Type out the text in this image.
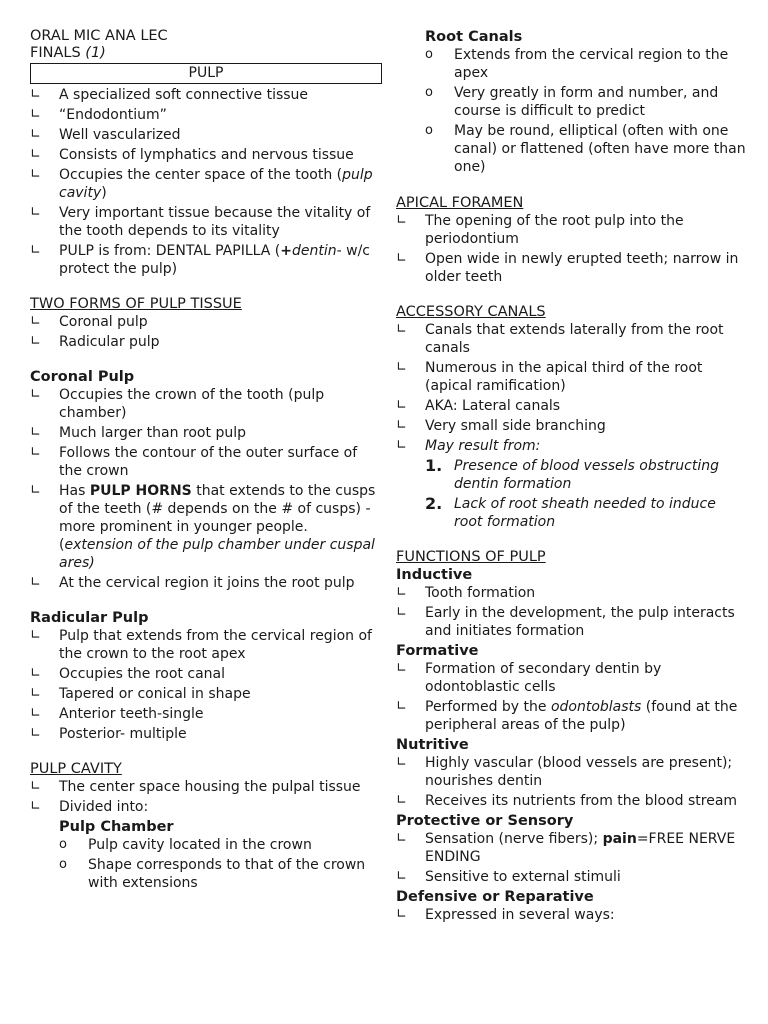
ORAL MIC ANA LEC
FINALS (1)
PULP
∟	A specialized soft connective tissue
∟	“Endodontium”
∟	Well vascularized
∟	Consists of lymphatics and nervous tissue
∟	Occupies the center space of the tooth (pulp cavity)
∟	Very important tissue because the vitality of the tooth depends to its vitality
∟	PULP is from: DENTAL PAPILLA (+dentin- w/c protect the pulp)
TWO FORMS OF PULP TISSUE
∟	Coronal pulp
∟	Radicular pulp
Coronal Pulp
∟	Occupies the crown of the tooth (pulp chamber)
∟	Much larger than root pulp
∟	Follows the contour of the outer surface of the crown
∟	Has PULP HORNS that extends to the cusps of the teeth (# depends on the # of cusps) - more prominent in younger people. (extension of the pulp chamber under cuspal ares)
∟	At the cervical region it joins the root pulp
Radicular Pulp
∟	Pulp that extends from the cervical region of the crown to the root apex
∟	Occupies the root canal
∟	Tapered or conical in shape
∟	Anterior teeth-single
∟	Posterior- multiple
PULP CAVITY
∟	The center space housing the pulpal tissue
∟	Divided into:
Pulp Chamber
o	Pulp cavity located in the crown
o	Shape corresponds to that of the crown with extensions
Root Canals
o	Extends from the cervical region to the apex
o	Very greatly in form and number, and course is difficult to predict
o	May be round, elliptical (often with one canal) or flattened (often have more than one)
APICAL FORAMEN
∟	The opening of the root pulp into the periodontium
∟	Open wide in newly erupted teeth; narrow in older teeth
ACCESSORY CANALS
∟	Canals that extends laterally from the root canals
∟	Numerous in the apical third of the root (apical ramification)
∟	AKA: Lateral canals
∟	Very small side branching
∟	May result from:
1. Presence of blood vessels obstructing dentin formation
2. Lack of root sheath needed to induce root formation
FUNCTIONS OF PULP
Inductive
∟	Tooth formation
∟	Early in the development, the pulp interacts and initiates formation
Formative
∟	Formation of secondary dentin by odontoblastic cells
∟	Performed by the odontoblasts (found at the peripheral areas of the pulp)
Nutritive
∟	Highly vascular (blood vessels are present); nourishes dentin
∟	Receives its nutrients from the blood stream
Protective or Sensory
∟	Sensation (nerve fibers); pain=FREE NERVE ENDING
∟	Sensitive to external stimuli
Defensive or Reparative
∟	Expressed in several ways:
